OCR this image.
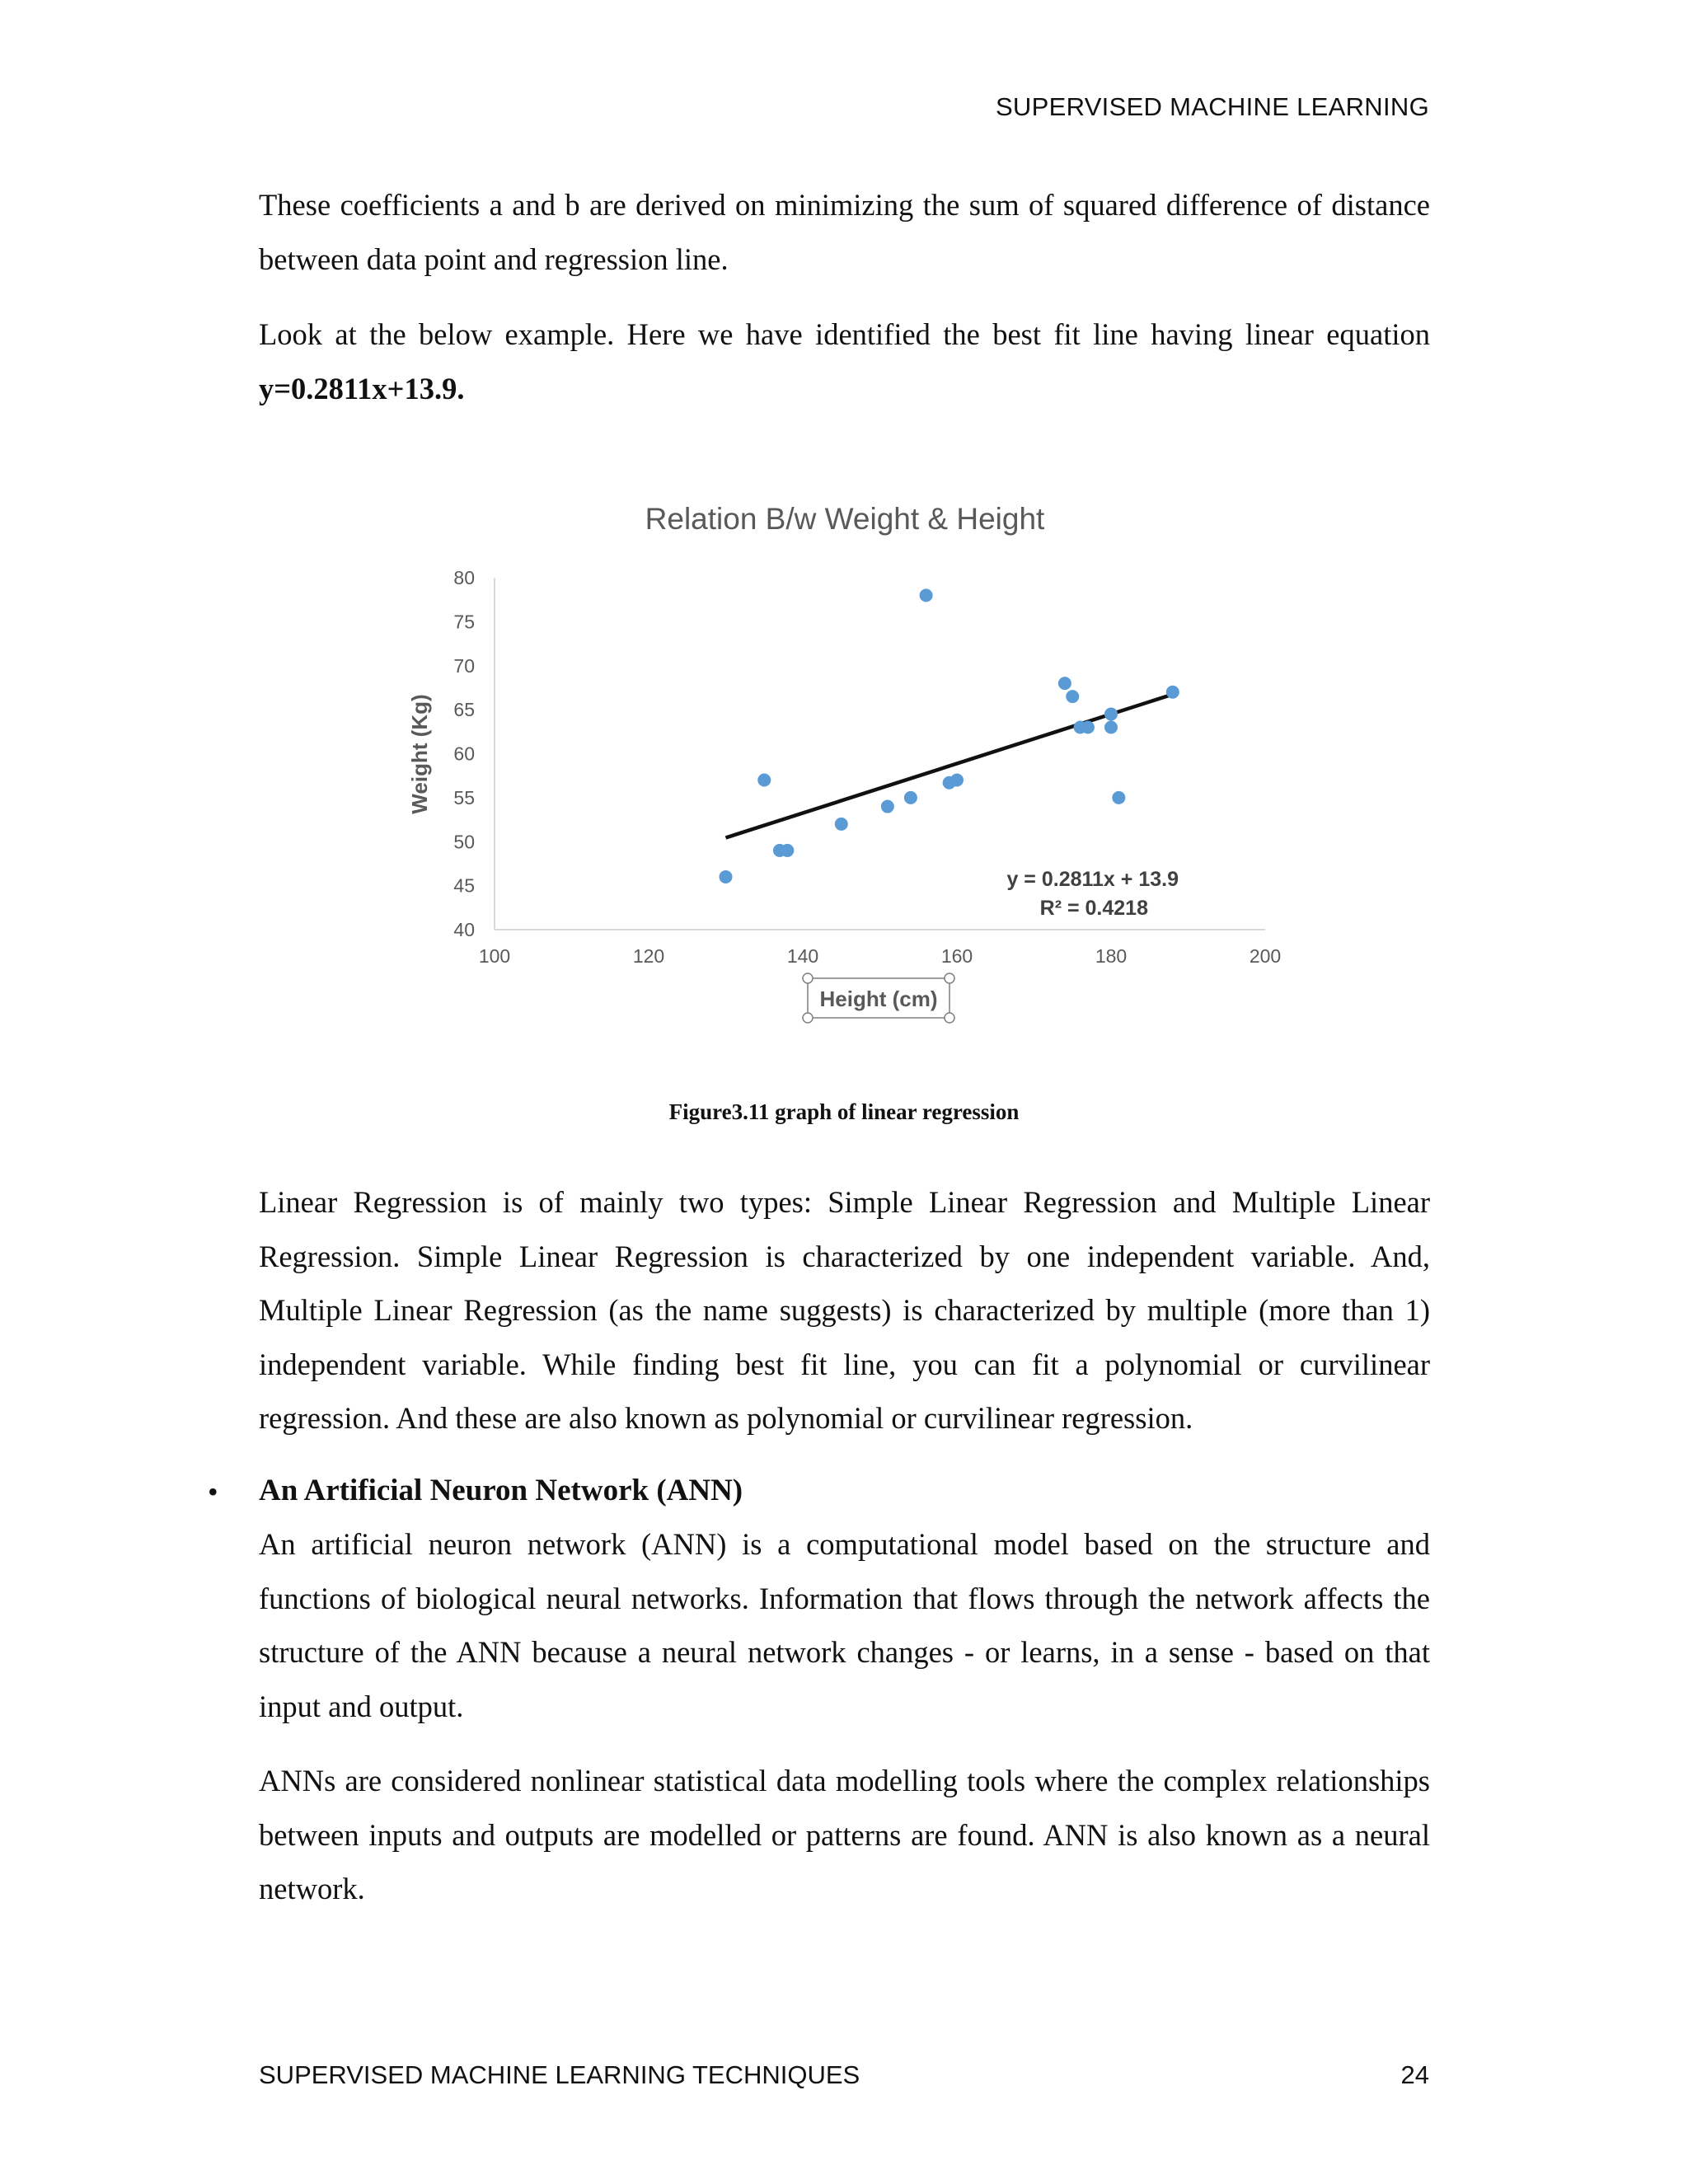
SUPERVISED MACHINE LEARNING

These coefficients a and b are derived on minimizing the sum of squared difference of distance between data point and regression line.

Look at the below example. Here we have identified the best fit line having linear equation y=0.2811x+13.9.

Relation B/w Weight & Height
40
45
50
55
60
65
70
75
80
100	120	140	160	180	200
Weight (Kg)
Height (cm)
y = 0.2811x + 13.9
R² = 0.4218
Figure3.11 graph of linear regression

Linear Regression is of mainly two types: Simple Linear Regression and Multiple Linear Regression. Simple Linear Regression is characterized by one independent variable. And, Multiple Linear Regression (as the name suggests) is characterized by multiple (more than 1) independent variable. While finding best fit line, you can fit a polynomial or curvilinear regression. And these are also known as polynomial or curvilinear regression.

• An Artificial Neuron Network (ANN)

An artificial neuron network (ANN) is a computational model based on the structure and functions of biological neural networks. Information that flows through the network affects the structure of the ANN because a neural network changes - or learns, in a sense - based on that input and output.

ANNs are considered nonlinear statistical data modelling tools where the complex relationships between inputs and outputs are modelled or patterns are found. ANN is also known as a neural network.

SUPERVISED MACHINE LEARNING TECHNIQUES	24
